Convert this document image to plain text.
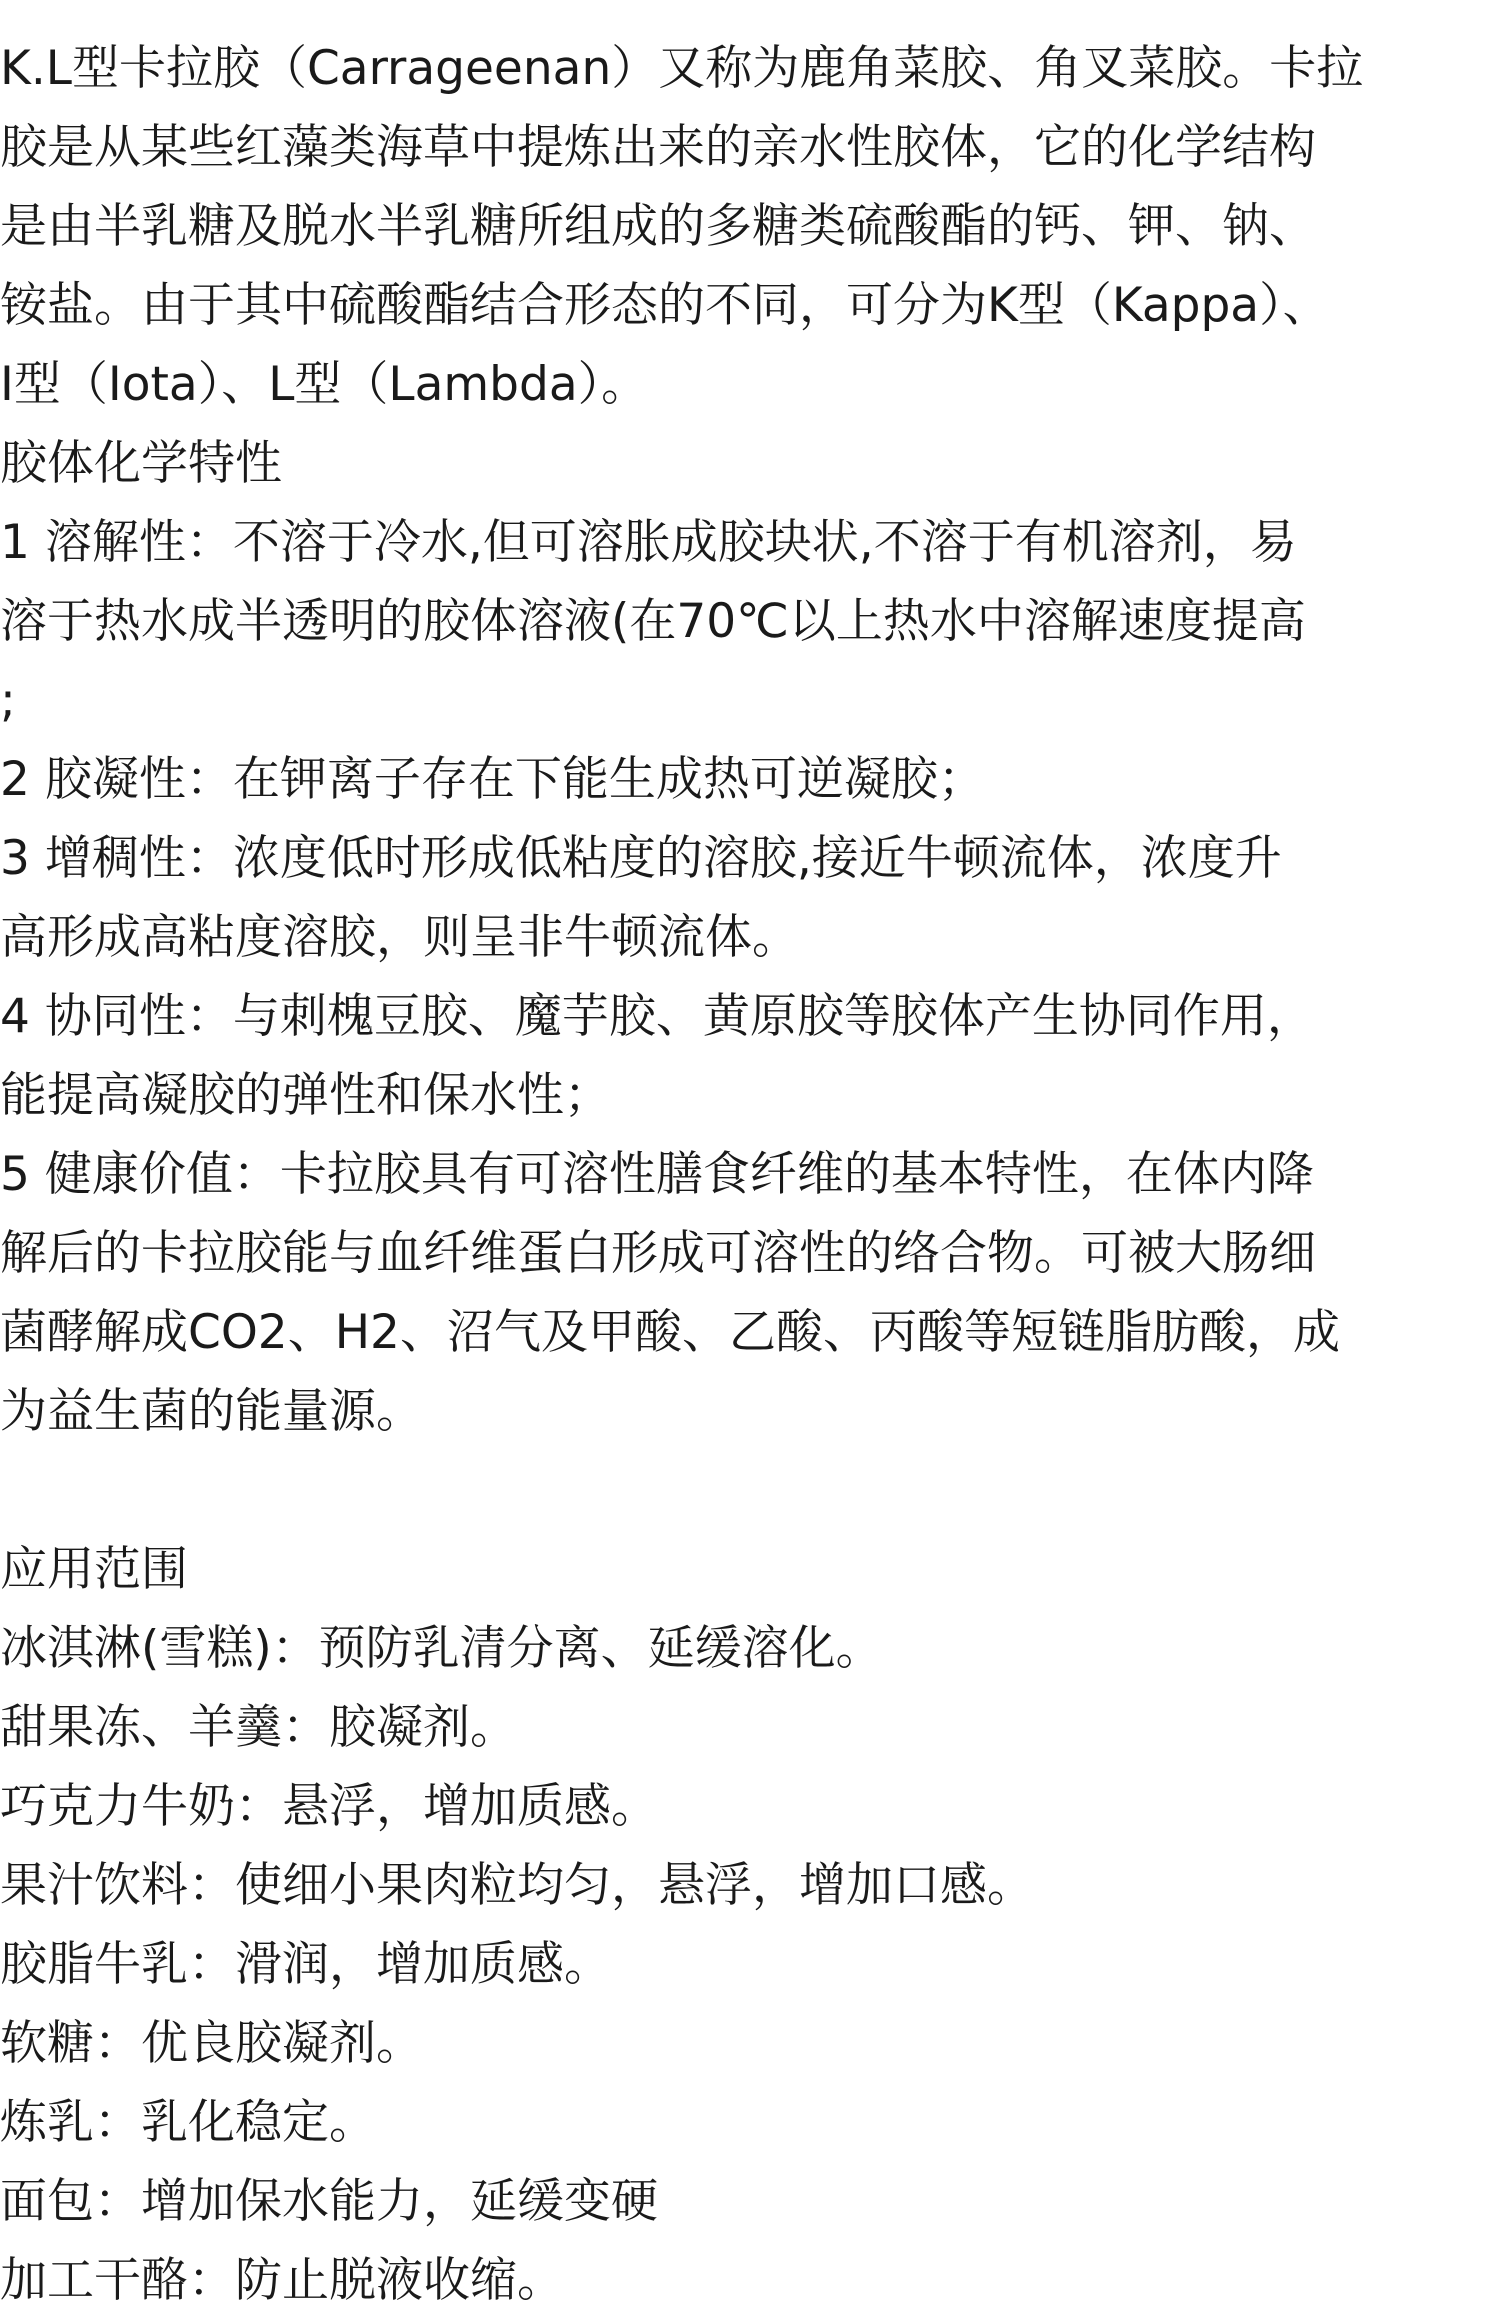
K.L型卡拉胶（Carrageenan）又称为鹿角菜胶、角叉菜胶。卡拉
胶是从某些红藻类海草中提炼出来的亲水性胶体，它的化学结构
是由半乳糖及脱水半乳糖所组成的多糖类硫酸酯的钙、钾、钠、
铵盐。由于其中硫酸酯结合形态的不同，可分为K型（Kappa）、
I型（Iota）、L型（Lambda）。
胶体化学特性
1 溶解性：不溶于冷水,但可溶胀成胶块状,不溶于有机溶剂，易
溶于热水成半透明的胶体溶液(在70℃以上热水中溶解速度提高
;
2 胶凝性：在钾离子存在下能生成热可逆凝胶；
3 增稠性：浓度低时形成低粘度的溶胶,接近牛顿流体，浓度升
高形成高粘度溶胶，则呈非牛顿流体。
4 协同性：与刺槐豆胶、魔芋胶、黄原胶等胶体产生协同作用，
能提高凝胶的弹性和保水性；
5 健康价值：卡拉胶具有可溶性膳食纤维的基本特性，在体内降
解后的卡拉胶能与血纤维蛋白形成可溶性的络合物。可被大肠细
菌酵解成CO2、H2、沼气及甲酸、乙酸、丙酸等短链脂肪酸，成
为益生菌的能量源。
应用范围
冰淇淋(雪糕)：预防乳清分离、延缓溶化。
甜果冻、羊羹：胶凝剂。
巧克力牛奶：悬浮，增加质感。
果汁饮料：使细小果肉粒均匀，悬浮，增加口感。
胶脂牛乳：滑润，增加质感。
软糖：优良胶凝剂。
炼乳：乳化稳定。
面包：增加保水能力，延缓变硬
加工干酪：防止脱液收缩。
